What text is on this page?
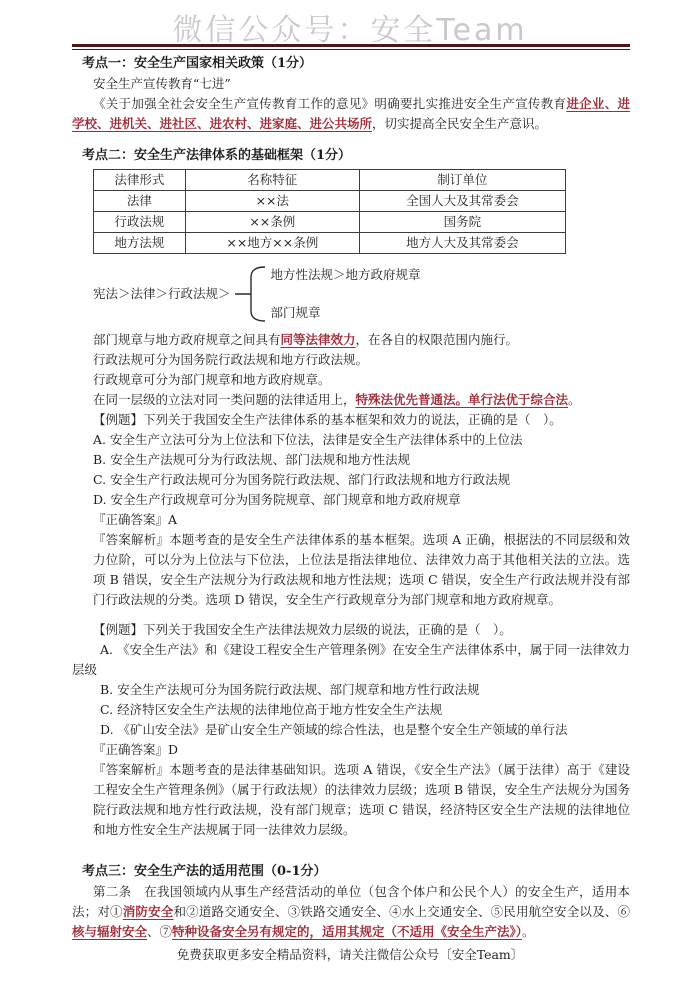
微信公众号：安全Team
考点一：安全生产国家相关政策（1分）

安全生产宣传教育“七进”

《关于加强全社会安全生产宣传教育工作的意见》明确要扎实推进安全生产宣传教育进企业、进学校、进机关、进社区、进农村、进家庭、进公共场所，切实提高全民安全生产意识。

考点二：安全生产法律体系的基础框架（1分）
法律形式	名称特征	制订单位
法律	××法	全国人大及其常委会
行政法规	××条例	国务院
地方法规	××地方××条例	地方人大及其常委会
宪法＞法律＞行政法规＞
地方性法规＞地方政府规章
部门规章

部门规章与地方政府规章之间具有同等法律效力，在各自的权限范围内施行。

行政法规可分为国务院行政法规和地方行政法规。

行政规章可分为部门规章和地方政府规章。

在同一层级的立法对同一类问题的法律适用上，特殊法优先普通法。单行法优于综合法。

【例题】下列关于我国安全生产法律体系的基本框架和效力的说法，正确的是（　）。

A. 安全生产立法可分为上位法和下位法，法律是安全生产法律体系中的上位法

B. 安全生产法规可分为行政法规、部门法规和地方性法规

C. 安全生产行政法规可分为国务院行政法规、部门行政法规和地方行政法规

D. 安全生产行政规章可分为国务院规章、部门规章和地方政府规章

『正确答案』A

『答案解析』本题考查的是安全生产法律体系的基本框架。选项 A 正确，根据法的不同层级和效力位阶，可以分为上位法与下位法，上位法是指法律地位、法律效力高于其他相关法的立法。选项 B 错误，安全生产法规分为行政法规和地方性法规；选项 C 错误，安全生产行政法规并没有部门行政法规的分类。选项 D 错误，安全生产行政规章分为部门规章和地方政府规章。

【例题】下列关于我国安全生产法律法规效力层级的说法，正确的是（　）。

A. 《安全生产法》和《建设工程安全生产管理条例》在安全生产法律体系中，属于同一法律效力层级

B. 安全生产法规可分为国务院行政法规、部门规章和地方性行政法规

C. 经济特区安全生产法规的法律地位高于地方性安全生产法规

D. 《矿山安全法》是矿山安全生产领域的综合性法，也是整个安全生产领域的单行法

『正确答案』D

『答案解析』本题考查的是法律基础知识。选项 A 错误，《安全生产法》（属于法律）高于《建设工程安全生产管理条例》（属于行政法规）的法律效力层级；选项 B 错误，安全生产法规分为国务院行政法规和地方性行政法规，没有部门规章；选项 C 错误，经济特区安全生产法规的法律地位和地方性安全生产法规属于同一法律效力层级。

考点三：安全生产法的适用范围（0-1分）

第二条　在我国领域内从事生产经营活动的单位（包含个体户和公民个人）的安全生产，适用本法；对①消防安全和②道路交通安全、③铁路交通安全、④水上交通安全、⑤民用航空安全以及、⑥核与辐射安全、⑦特种设备安全另有规定的，适用其规定（不适用《安全生产法》）。

免费获取更多安全精品资料，请关注微信公众号〔安全Team〕
